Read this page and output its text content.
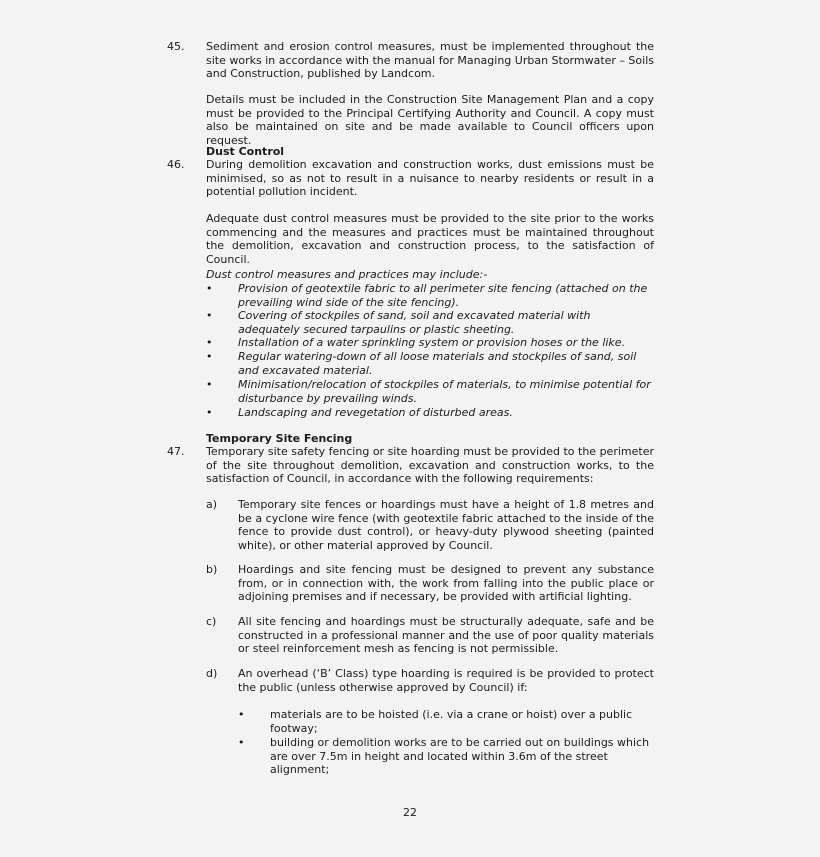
45. Sediment and erosion control measures, must be implemented throughout the site works in accordance with the manual for Managing Urban Stormwater – Soils and Construction, published by Landcom.
Details must be included in the Construction Site Management Plan and a copy must be provided to the Principal Certifying Authority and Council. A copy must also be maintained on site and be made available to Council officers upon request.
Dust Control
46. During demolition excavation and construction works, dust emissions must be minimised, so as not to result in a nuisance to nearby residents or result in a potential pollution incident.
Adequate dust control measures must be provided to the site prior to the works commencing and the measures and practices must be maintained throughout the demolition, excavation and construction process, to the satisfaction of Council.
Dust control measures and practices may include:-
• Provision of geotextile fabric to all perimeter site fencing (attached on the prevailing wind side of the site fencing).
• Covering of stockpiles of sand, soil and excavated material with adequately secured tarpaulins or plastic sheeting.
• Installation of a water sprinkling system or provision hoses or the like.
• Regular watering-down of all loose materials and stockpiles of sand, soil and excavated material.
• Minimisation/relocation of stockpiles of materials, to minimise potential for disturbance by prevailing winds.
• Landscaping and revegetation of disturbed areas.
Temporary Site Fencing
47. Temporary site safety fencing or site hoarding must be provided to the perimeter of the site throughout demolition, excavation and construction works, to the satisfaction of Council, in accordance with the following requirements:
a) Temporary site fences or hoardings must have a height of 1.8 metres and be a cyclone wire fence (with geotextile fabric attached to the inside of the fence to provide dust control), or heavy-duty plywood sheeting (painted white), or other material approved by Council.
b) Hoardings and site fencing must be designed to prevent any substance from, or in connection with, the work from falling into the public place or adjoining premises and if necessary, be provided with artificial lighting.
c) All site fencing and hoardings must be structurally adequate, safe and be constructed in a professional manner and the use of poor quality materials or steel reinforcement mesh as fencing is not permissible.
d) An overhead (‘B’ Class) type hoarding is required is be provided to protect the public (unless otherwise approved by Council) if:
• materials are to be hoisted (i.e. via a crane or hoist) over a public footway;
• building or demolition works are to be carried out on buildings which are over 7.5m in height and located within 3.6m of the street alignment;
22
